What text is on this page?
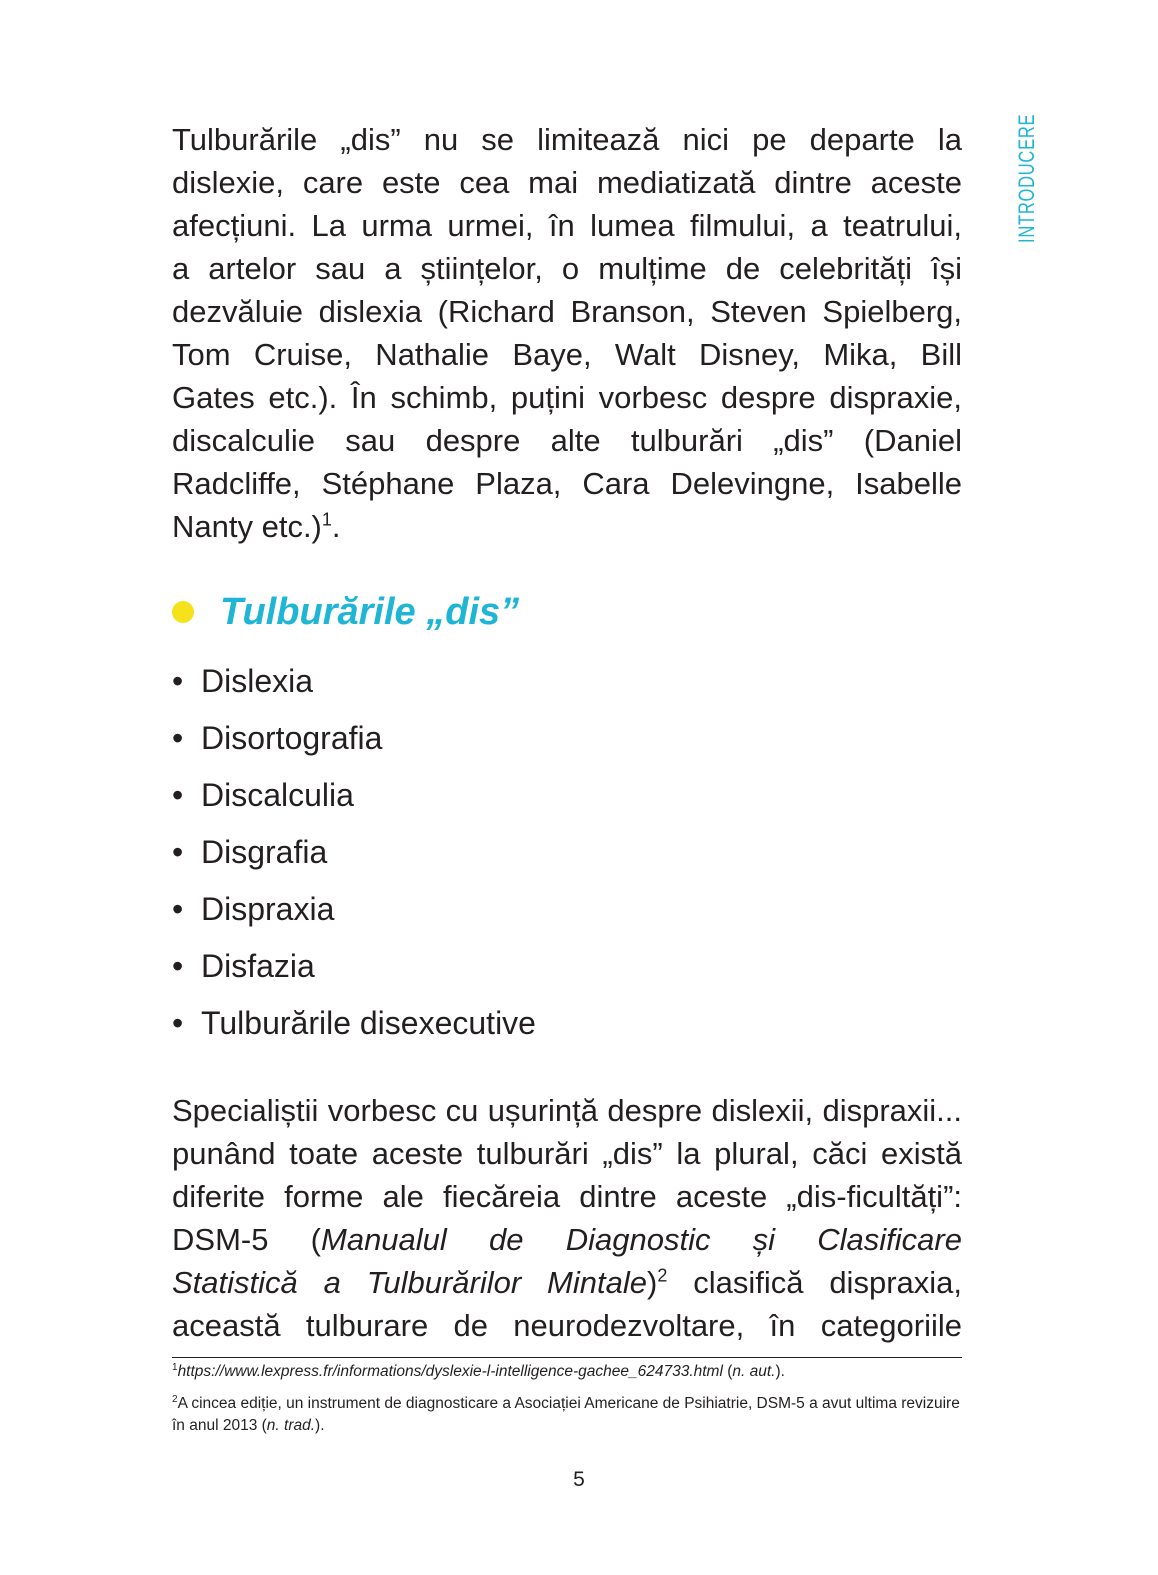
INTRODUCERE
Tulburările „dis” nu se limitează nici pe departe la
dislexie, care este cea mai mediatizată dintre aceste
afecțiuni. La urma urmei, în lumea filmului, a teatrului,
a artelor sau a științelor, o mulțime de celebrități își
dezvăluie dislexia (Richard Branson, Steven Spielberg,
Tom Cruise, Nathalie Baye, Walt Disney, Mika, Bill
Gates etc.). În schimb, puțini vorbesc despre dispraxie,
discalculie sau despre alte tulburări „dis” (Daniel
Radcliffe, Stéphane Plaza, Cara Delevingne, Isabelle
Nanty etc.)$^1$.
Tulburările „dis”
• Dislexia
• Disortografia
• Discalculia
• Disgrafia
• Dispraxia
• Disfazia
• Tulburările disexecutive
Specialiștii vorbesc cu ușurință despre dislexii, dispraxii...
punând toate aceste tulburări „dis” la plural, căci există
diferite forme ale fiecăreia dintre aceste „dis-ficultăți”:
DSM-5 (Manualul de Diagnostic și Clasificare
Statistică a Tulburărilor Mintale)$^2$ clasifică dispraxia,
această tulburare de neurodezvoltare, în categoriile
$^1$https://www.lexpress.fr/informations/dyslexie-l-intelligence-gachee_624733.html (n. aut.).
$^2$A cincea ediție, un instrument de diagnosticare a Asociației Americane de Psihiatrie, DSM-5 a avut ultima revizuire în anul 2013 (n. trad.).
5
